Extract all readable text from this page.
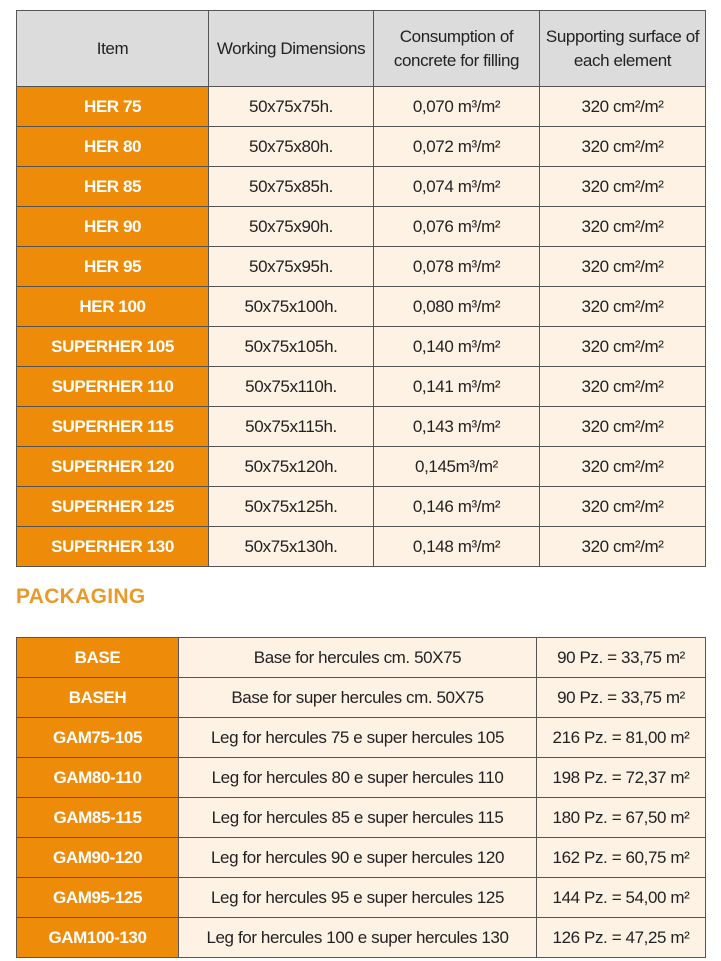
Item	Working Dimensions	Consumption of concrete for filling	Supporting surface of each element
HER 75	50x75x75h.	0,070 m³/m²	320 cm²/m²
HER 80	50x75x80h.	0,072 m³/m²	320 cm²/m²
HER 85	50x75x85h.	0,074 m³/m²	320 cm²/m²
HER 90	50x75x90h.	0,076 m³/m²	320 cm²/m²
HER 95	50x75x95h.	0,078 m³/m²	320 cm²/m²
HER 100	50x75x100h.	0,080 m³/m²	320 cm²/m²
SUPERHER 105	50x75x105h.	0,140 m³/m²	320 cm²/m²
SUPERHER 110	50x75x110h.	0,141 m³/m²	320 cm²/m²
SUPERHER 115	50x75x115h.	0,143 m³/m²	320 cm²/m²
SUPERHER 120	50x75x120h.	0,145m³/m²	320 cm²/m²
SUPERHER 125	50x75x125h.	0,146 m³/m²	320 cm²/m²
SUPERHER 130	50x75x130h.	0,148 m³/m²	320 cm²/m²
PACKAGING
BASE	Base for hercules cm. 50X75	90 Pz. = 33,75 m²
BASEH	Base for super hercules cm. 50X75	90 Pz. = 33,75 m²
GAM75-105	Leg for hercules 75 e super hercules 105	216 Pz. = 81,00 m²
GAM80-110	Leg for hercules 80 e super hercules 110	198 Pz. = 72,37 m²
GAM85-115	Leg for hercules 85 e super hercules 115	180 Pz. = 67,50 m²
GAM90-120	Leg for hercules 90 e super hercules 120	162 Pz. = 60,75 m²
GAM95-125	Leg for hercules 95 e super hercules 125	144 Pz. = 54,00 m²
GAM100-130	Leg for hercules 100 e super hercules 130	126 Pz. = 47,25 m²
